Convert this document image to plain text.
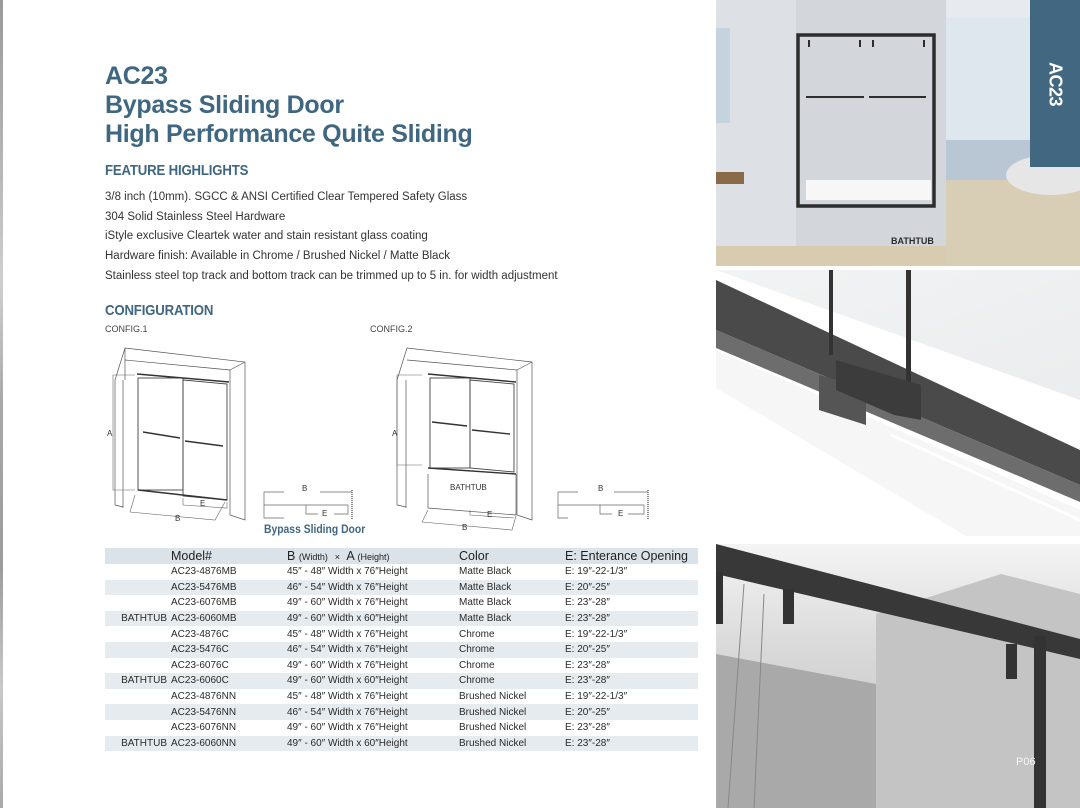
AC23
Bypass Sliding Door
High Performance Quite Sliding
FEATURE HIGHLIGHTS
3/8 inch (10mm). SGCC & ANSI Certified Clear Tempered Safety Glass
304 Solid Stainless Steel Hardware
iStyle exclusive Cleartek water and stain resistant glass coating
Hardware finish: Available in Chrome / Brushed Nickel / Matte Black
Stainless steel top track and bottom track can be trimmed up to 5 in. for width adjustment
CONFIGURATION
CONFIG.1	CONFIG.2
A
B
E
B
E
A
B
E
BATHTUB	B
E
Bypass Sliding Door
Model#	B (Width) × A (Height)	Color	E: Enterance Opening
AC23-4876MB	45″ - 48″ Width x 76″Height	Matte Black	E: 19″-22-1/3″
AC23-5476MB	46″ - 54″ Width x 76″Height	Matte Black	E: 20″-25″
AC23-6076MB	49″ - 60″ Width x 76″Height	Matte Black	E: 23″-28″
BATHTUB AC23-6060MB	49″ - 60″ Width x 60″Height	Matte Black	E: 23″-28″
AC23-4876C	45″ - 48″ Width x 76″Height	Chrome	E: 19″-22-1/3″
AC23-5476C	46″ - 54″ Width x 76″Height	Chrome	E: 20″-25″
AC23-6076C	49″ - 60″ Width x 76″Height	Chrome	E: 23″-28″
BATHTUB AC23-6060C	49″ - 60″ Width x 60″Height	Chrome	E: 23″-28″
AC23-4876NN	45″ - 48″ Width x 76″Height	Brushed Nickel	E: 19″-22-1/3″
AC23-5476NN	46″ - 54″ Width x 76″Height	Brushed Nickel	E: 20″-25″
AC23-6076NN	49″ - 60″ Width x 76″Height	Brushed Nickel	E: 23″-28″
BATHTUB AC23-6060NN	49″ - 60″ Width x 60″Height	Brushed Nickel	E: 23″-28″
AC23
BATHTUB
P06
